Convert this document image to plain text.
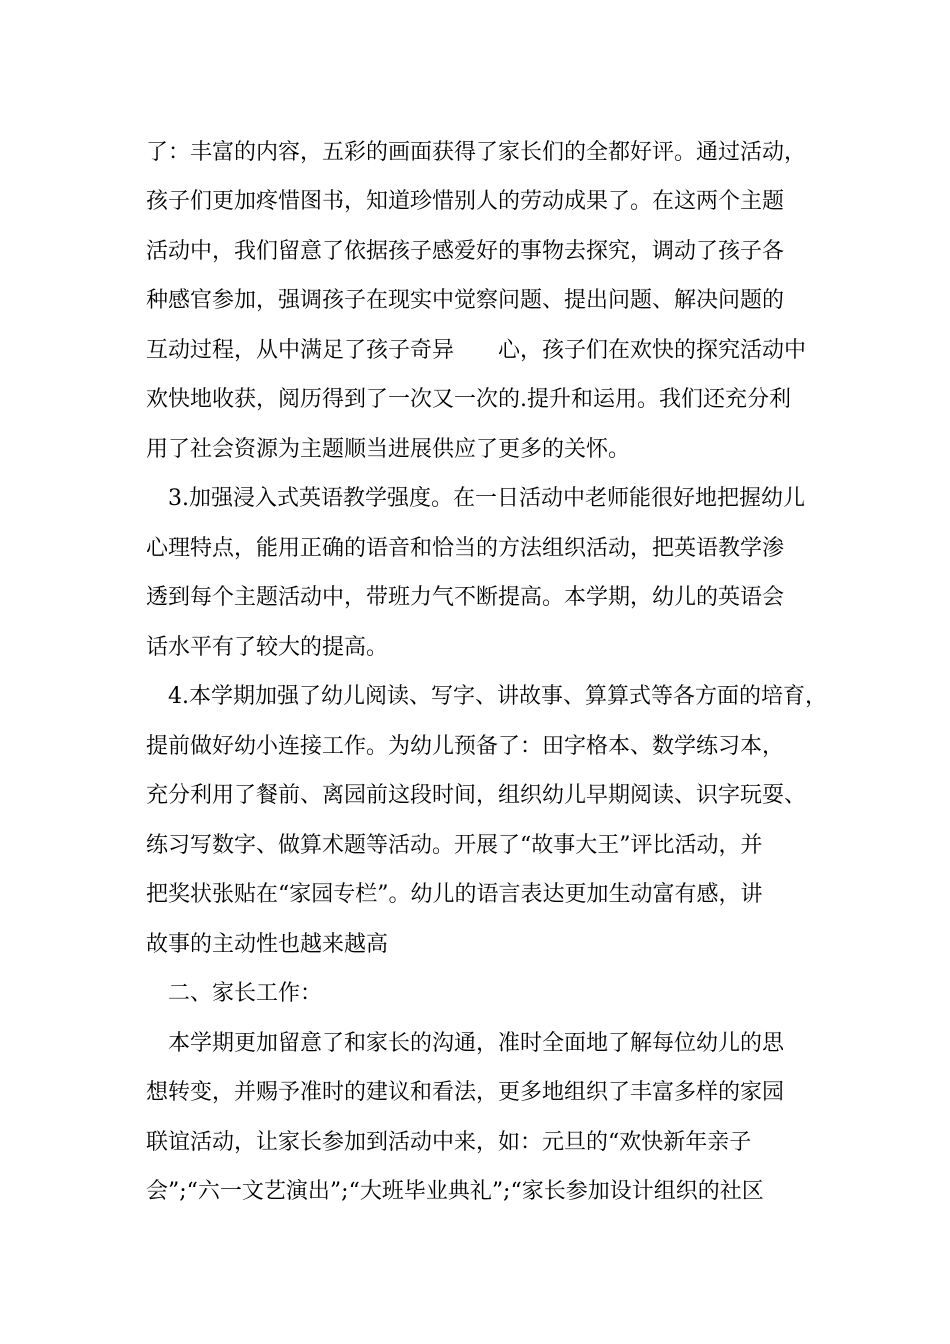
了：丰富的内容，五彩的画面获得了家长们的全都好评。通过活动，
孩子们更加疼惜图书，知道珍惜别人的劳动成果了。在这两个主题
活动中，我们留意了依据孩子感爱好的事物去探究，调动了孩子各
种感官参加，强调孩子在现实中觉察问题、提出问题、解决问题的
互动过程，从中满足了孩子奇异　　心，孩子们在欢快的探究活动中
欢快地收获，阅历得到了一次又一次的.提升和运用。我们还充分利
用了社会资源为主题顺当进展供应了更多的关怀。
　3.加强浸入式英语教学强度。在一日活动中老师能很好地把握幼儿
心理特点，能用正确的语音和恰当的方法组织活动，把英语教学渗
透到每个主题活动中，带班力气不断提高。本学期，幼儿的英语会
话水平有了较大的提高。
　4.本学期加强了幼儿阅读、写字、讲故事、算算式等各方面的培育，
提前做好幼小连接工作。为幼儿预备了：田字格本、数学练习本，
充分利用了餐前、离园前这段时间，组织幼儿早期阅读、识字玩耍、
练习写数字、做算术题等活动。开展了“故事大王”评比活动，并
把奖状张贴在“家园专栏”。幼儿的语言表达更加生动富有感，讲
故事的主动性也越来越高
　二、家长工作：
　本学期更加留意了和家长的沟通，准时全面地了解每位幼儿的思
想转变，并赐予准时的建议和看法，更多地组织了丰富多样的家园
联谊活动，让家长参加到活动中来，如：元旦的“欢快新年亲子
会”;“六一文艺演出”;“大班毕业典礼”;“家长参加设计组织的社区
